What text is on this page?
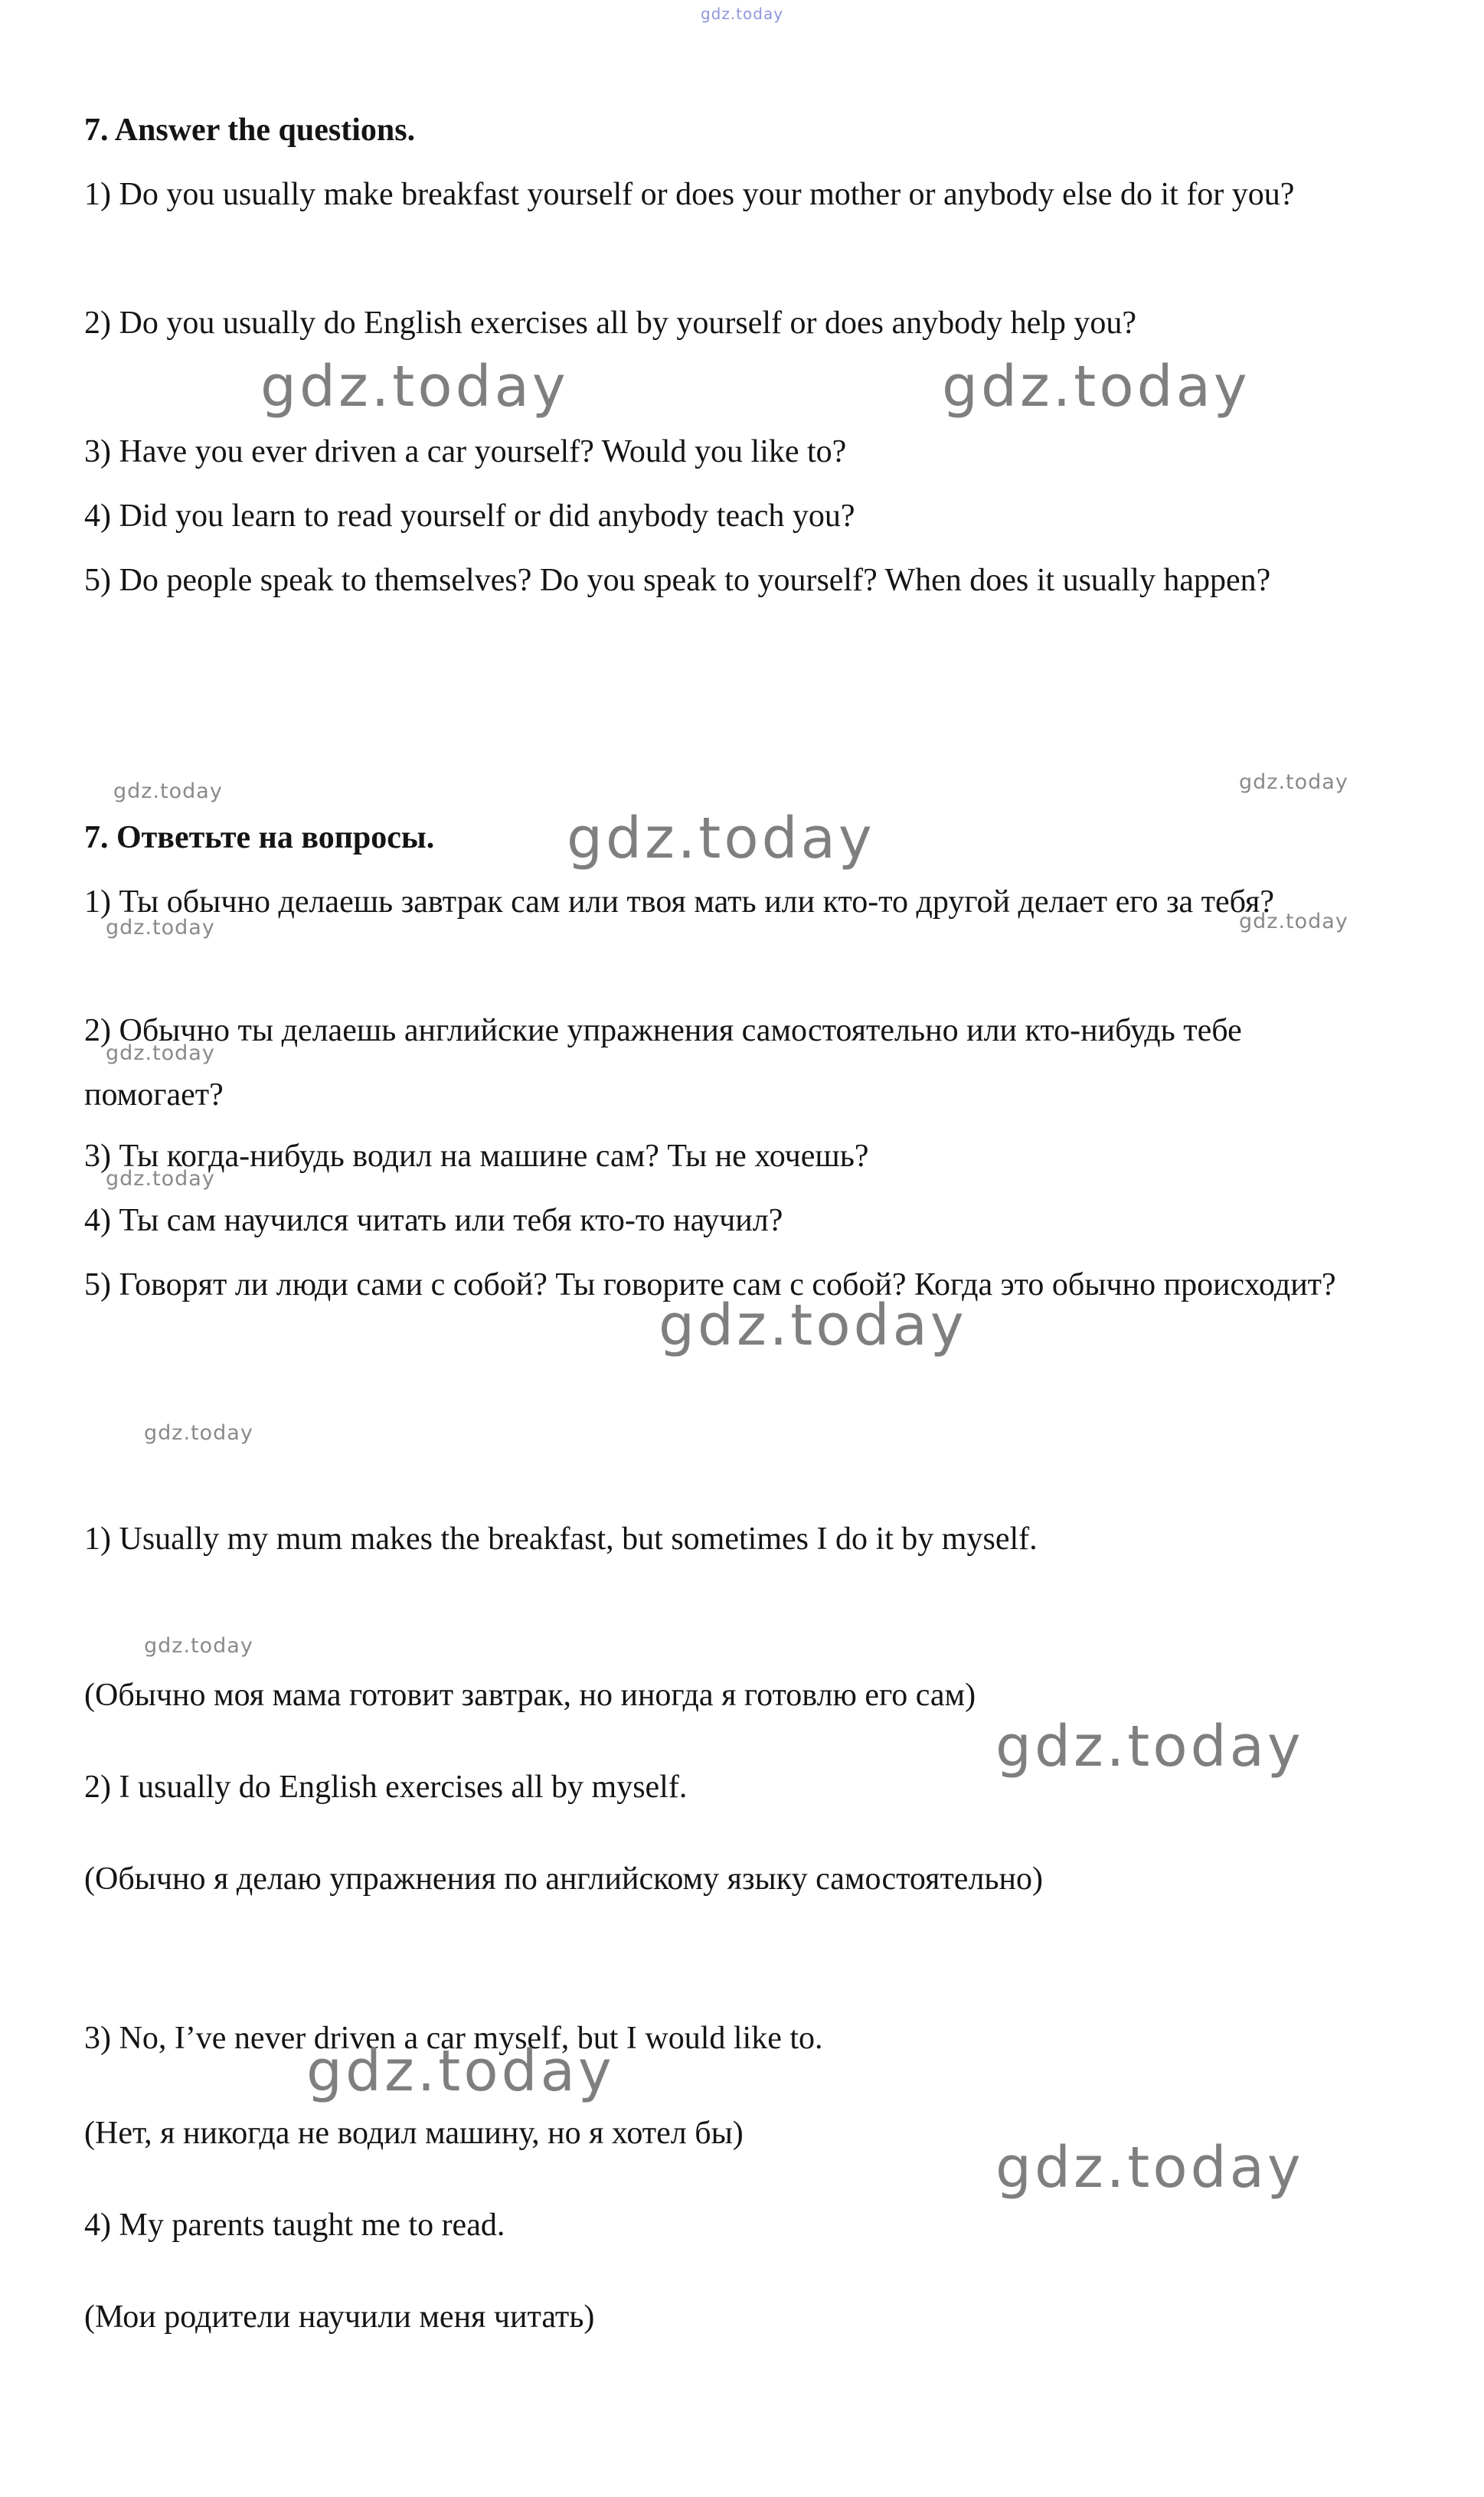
gdz.today
7. Answer the questions.
1) Do you usually make breakfast yourself or does your mother or anybody else do it for you?
2) Do you usually do English exercises all by yourself or does anybody help you?
3) Have you ever driven a car yourself? Would you like to?
4) Did you learn to read yourself or did anybody teach you?
5) Do people speak to themselves? Do you speak to yourself? When does it usually happen?
gdz.today	gdz.today
gdz.today	gdz.today
7. Ответьте на вопросы.	gdz.today
1) Ты обычно делаешь завтрак сам или твоя мать или кто-то другой делает его за тебя?
gdz.today	gdz.today
2) Обычно ты делаешь английские упражнения самостоятельно или кто-нибудь тебе помогает?
gdz.today
3) Ты когда-нибудь водил на машине сам? Ты не хочешь?
gdz.today
4) Ты сам научился читать или тебя кто-то научил?
5) Говорят ли люди сами с собой? Ты говорите сам с собой? Когда это обычно происходит?
gdz.today
gdz.today
1) Usually my mum makes the breakfast, but sometimes I do it by myself.
gdz.today
(Обычно моя мама готовит завтрак, но иногда я готовлю его сам)
2) I usually do English exercises all by myself.
gdz.today
(Обычно я делаю упражнения по английскому языку самостоятельно)
3) No, I’ve never driven a car myself, but I would like to.
gdz.today
(Нет, я никогда не водил машину, но я хотел бы)
gdz.today
4) My parents taught me to read.
(Мои родители научили меня читать)
